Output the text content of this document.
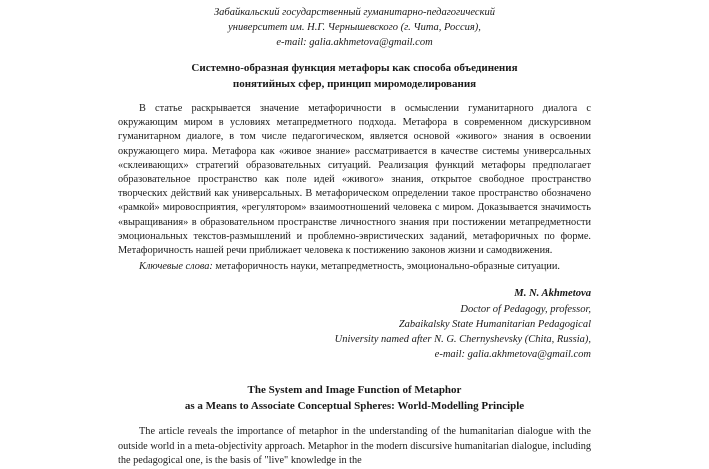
Забайкальский государственный гуманитарно-педагогический
университет им. Н.Г. Чернышевского (г. Чита, Россия),
e-mail: galia.akhmetova@gmail.com
Системно-образная функция метафоры как способа объединения
понятийных сфер, принцип миромоделирования

В статье раскрывается значение метафоричности в осмыслении гуманитарного диалога с окружающим миром в условиях метапредметного подхода. Метафора в современном дискурсивном гуманитарном диалоге, в том числе педагогическом, является основой «живого» знания в освоении окружающего мира. Метафора как «живое знание» рассматривается в качестве системы универсальных «склеивающих» стратегий образовательных ситуаций. Реализация функций метафоры предполагает образовательное пространство как поле идей «живого» знания, открытое свободное пространство творческих действий как универсальных. В метафорическом определении такое пространство обозначено «рамкой» мировосприятия, «регулятором» взаимоотношений человека с миром. Доказывается значимость «выращивания» в образовательном пространстве личностного знания при постижении метапредметности эмоциональных текстов-размышлений и проблемно-эвристических заданий, метафоричных по форме. Метафоричность нашей речи приближает человека к постижению законов жизни и самодвижения.

Ключевые слова: метафоричность науки, метапредметность, эмоционально-образные ситуации.
M. N. Akhmetova
Doctor of Pedagogy, professor,
Zabaikalsky State Humanitarian Pedagogical
University named after N. G. Chernyshevsky (Chita, Russia),
e-mail: galia.akhmetova@gmail.com
The System and Image Function of Metaphor
as a Means to Associate Conceptual Spheres: World-Modelling Principle

The article reveals the importance of metaphor in the understanding of the humanitarian dialogue with the outside world in a meta-objectivity approach. Metaphor in the modern discursive humanitarian dialogue, including the pedagogical one, is the basis of "live" knowledge in the
